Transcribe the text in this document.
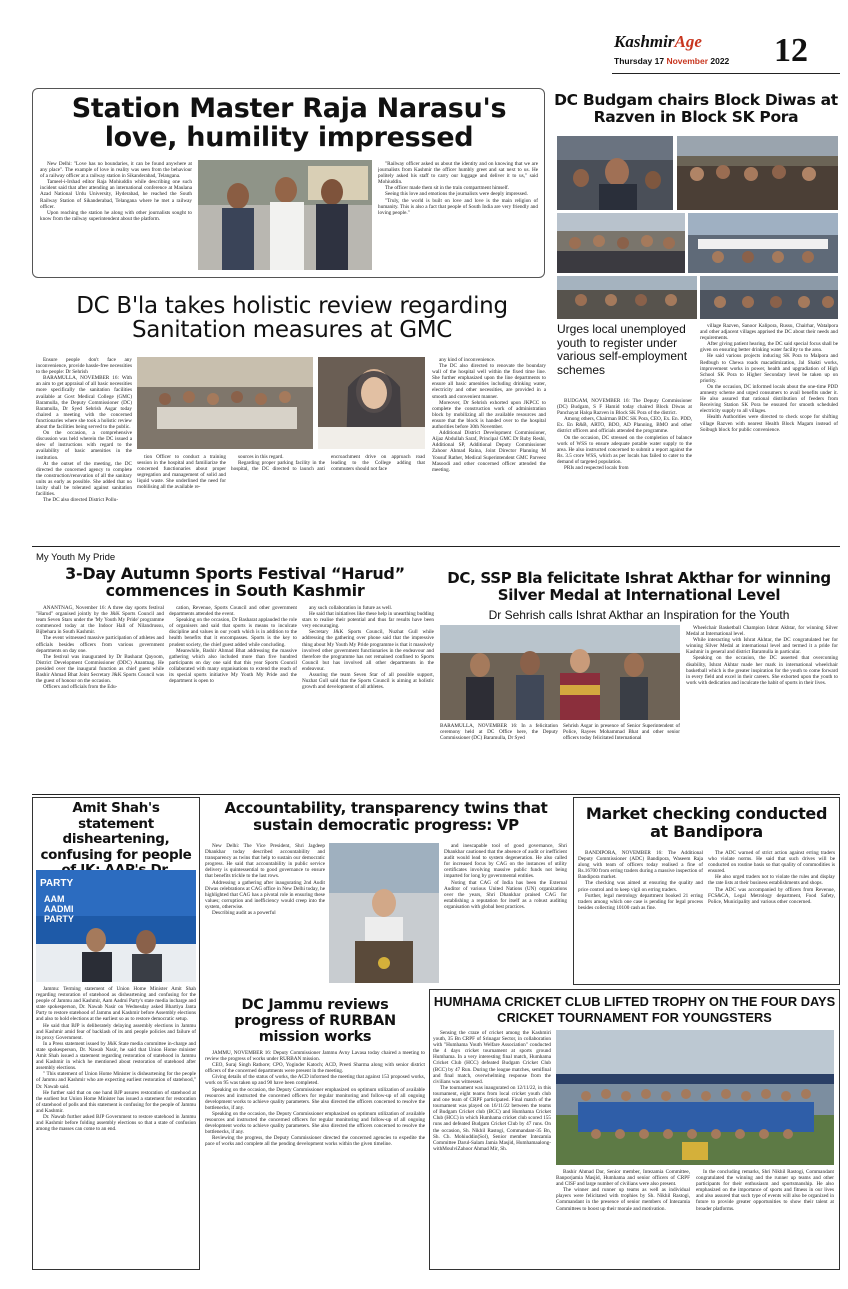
KashmirAge
Thursday 17 November 2022 12
Station Master Raja Narasu's love, humility impressed

New Delhi: "Love has no boundaries, it can be found anywhere at any place". The example of love in reality was seen from the behaviour of a railway officer at a railway station in Sikanderabad, Telangana.

Tameel-i-Irshad editor Raja Mohiuddin while describing one such incident said that after attending an international conference at Maulana Azad National Urdu University, Hyderabad, he reached the South Railway Station of Sikanderabad, Telangana where he met a railway officer.

Upon reaching the station he along with other journalists sought to know from the railway superintendent about the platform.

"Railway officer asked us about the identity and on knowing that we are journalists from Kashmir the officer humbly greet and sat next to us. He politely asked his staff to carry our luggage and deliver it to us," said Mohiuddin.

The officer made them sit in the train compartment himself.

Seeing this love and emotions the journalists were deeply impressed.

"Truly, the world is built on love and love is the main religion of humanity. This is also a fact that people of South India are very friendly and loving people."

DC Budgam chairs Block Diwas at Razven in Block SK Pora
Urges local unemployed youth to register under various self-employment schemes

BUDGAM, NOVEMBER 16: The Deputy Commissioner (DC) Budgam, S F Hamid today chaired Block Diwas at Panchayat Halqa Razven in Block SK Pora of the district.

Among others, Chairman BDC SK Pora, CEO, Ex. En. PDD, Ex. En R&B, ARTO, BDO, AD Planning, BMO and other district officers and officials attended the programme.

On the occasion, DC stressed on the completion of balance work of WSS to ensure adequate potable water supply to the area. He also instructed concerned to submit a report against the Rs. 3.5 crore WSS, which as per locals has failed to cater to the demand of targeted population.

PRIs and respected locals from

village Razven, Sanoor Kalipora, Russu, Chairhar, Watalpora and other adjacent villages apprised the DC about their needs and requirements.

After giving patient hearing, the DC said special focus shall be given on ensuring better drinking water facility to the area.

He said various projects inducing SK Pora to Malpora and Redbugh to Chewa roads macadimization, Jal Shakti works, improvement works in power, health and upgradiation of High School SK Pora to Higher Secondary level be taken up on priority.

On the occasion, DC informed locals about the one-time PDD amnesty scheme and urged consumers to avail benefits under it. He also assured that rational distribution of feeders from Receiving Station SK Pora be ensured for smooth scheduled electricity supply to all villages.

Health Authorities were directed to check scope for shifting village Razven with nearest Health Block Magam instead of Soibugh block for public convenience.

DC B'la takes holistic review regarding Sanitation measures at GMC

Ensure people don't face any inconvenience, provide hassle-free necessities to the people: Dr Sehrish

BARAMULLA, NOVEMBER 16: With an aim to get appraisal of all basic necessities more specifically the sanitation facilities available at Govt Medical College (GMC) Baramulla, the Deputy Commissioner (DC) Baramulla, Dr Syed Sehrish Asgar today chaired a meeting with the concerned functionaries where she took a holistic review about the facilities being served to the public.

On the occasion, a comprehensive discussion was held wherein the DC issued a slew of instructions with regard to the availability of basic amenities in the institution.

At the outset of the meeting, the DC directed the concerned agency to complete the construction/renovation of all the sanitary units as early as possible. She added that no laxity shall be tolerated against sanitation facilities.

The DC also directed District Pollu-

tion Officer to conduct a training session in the hospital and familiarize the concerned functionaries about proper segregation and management of solid and liquid waste. She underlined the need for mobilising all the available re-

sources in this regard.

Regarding proper parking facility in the hospital, the DC directed to launch anti encroachment drive on approach road leading to the College adding that commuters should not face

any kind of inconvenience.

The DC also directed to renovate the boundary wall of the hospital well within the fixed time line. She further emphasized upon the line departments to ensure all basic amenities including drinking water, electricity and other necessities, are provided in a smooth and convenient manner.

Moreover, Dr Sehrish exhorted upon JKPCC to complete the construction work of administration block by mobilizing all the available resources and ensure that the block is handed over to the hospital authorities before 30th November.

Additional District Development Commissioner, Aijaz Abdullah Saraf, Principal GMC Dr Ruby Reshi, Additional SP, Additional Deputy Commissioner Zahoor Ahmad Raina, Joint Director Planning M Yousuf Rather, Medical Superintendent GMC Parveez Masoodi and other concerned officer attended the meeting.

My Youth My Pride
3-Day Autumn Sports Festival “Harud” commences in South Kashmir

ANANTNAG, November 16: A three day sports festival "Harud" organised jointly by the J&K Sports Council and team Seven Stars under the 'My Youth My Pride' programme commenced today at the Indoor Hall of Nilandrussu, Bijbehara in South Kashmir.

The event witnessed massive participation of athletes and officials besides officers from various government departments on day one.

The festival was inaugurated by Dr Basharat Qayoom, District Development Commissioner (DDC) Anantnag. He presided over the inaugural function as chief guest while Bashir Ahmad Bhat Joint Secretary J&K Sports Council was the guest of honour on the occasion.

Officers and officials from the Edu-

cation, Revenue, Sports Council and other government departments attended the event.

Speaking on the occasion, Dr Basharat applauded the role of organisers and said that sports is means to inculcate discipline and values in our youth which is in addition to the health benefits that it encompasses. Sports is the key to prudent society, the chief guest added while concluding.

Meanwhile, Bashir Ahmad Bhat addressing the massive gathering which also included more than five hundred participants on day one said that this year Sports Council collaborated with many organisations to extend the reach of its special sports initiative My Youth My Pride and the department is open to

any such collaboration in future as well.

He said that initiatives like these help in unearthing budding stars to realise their potential and thus far results have been very encouraging.

Secretary J&K Sports Council, Nuzhat Gull while addressing the gathering over phone said that the impressive thing about My Youth My Pride programme is that it massively involved other government functionaries in the endeavour and therefore the programme has not remained confined to Sports Council but has involved all other departments in the endeavour.

Assuring the team Seven Star of all possible support, Nuzhat Gull said that the Sports Council is aiming at holistic growth and development of all athletes.

DC, SSP Bla felicitate Ishrat Akthar for winning Silver Medal at International Level
Dr Sehrish calls Ishrat Akthar an Inspiration for the Youth
BARAMULLA, NOVEMBER 16: In a felicitation ceremony held at DC Office here, the Deputy Commissioner (DC) Baramulla, Dr Syed
Sehrish Asgar in presence of Senior Superintendent of Police, Rayees Mohammad Bhat and other senior officers today felicitated International

Wheelchair Basketball Champion Ishrat Akhtar, for winning Silver Medal at International level.

While interacting with Ishrat Akhtar, the DC congratulated her for winning Silver Medal at international level and termed it a pride for Kashmir in general and district Baramulla in particular.

Speaking on the occasion, the DC asserted that overcoming disability, Ishrat Akhtar made her mark in international wheelchair basketball which is the greater inspiration for the youth to come forward in every field and excel in their careers. She exhorted upon the youth to work with dedication and inculcate the habit of sports in their lives.

Amit Shah's statement disheartening, confusing for people
PARTY
AAM
AADMI
PARTY

Jammu: Terming statement of Union Home Minister Amit Shah regarding restoration of statehood as disheartening and confusing for the people of Jammu and Kashmir, Aam Aadmi Party's state media incharge and state spokesperson, Dr. Nawab Nasir on Wednesday asked Bhartiya Janta Party to restore statehood of Jammu and Kashmir before Assembly elections and also to hold elections at the earliest so as to restore democratic setup.

He said that BJP is deliberately delaying assembly elections in Jammu and Kashmir amid fear of backlash of its anti people policies and failure of its proxy Government.

In a Press statement issued by J&K State media committee in-charge and state spokesperson, Dr. Nawab Nasir, he said that Union Home minister Amit Shah issued a statement regarding restoration of statehood in Jammu and Kashmir in which he mentioned about restoration of statehood after assembly elections.

" This statement of Union Home Minister is disheartening for the people of Jammu and Kashmir who are expecting earliest restoration of statehood," Dr. Nawab said.

He further said that on one hand BJP assures restoration of statehood at the earliest but Union Home Minister has issued a statement for restoration of statehood of polls and this statement is confusing for the people of Jammu and Kashmir.

Dr. Nawab further asked BJP Government to restore statehood in Jammu and Kashmir before folding assembly elections so that a state of confusion among the masses can come to an end.

Accountability, transparency twins that sustain democratic progress: VP

New Delhi: The Vice President, Shri Jagdeep Dhankhar today described accountability and transparency as twins that help to sustain our democratic progress. He said that accountability in public service delivery is quintessential to good governance to ensure that benefits trickle to the last rows.

Addressing a gathering after inaugurating 2nd Audit Diwas celebrations at CAG office in New Delhi today, he highlighted that CAG has a pivotal role in ensuring these values; corruption and inefficiency would creep into the system, otherwise.

Describing audit as a powerful

and inescapable tool of good governance, Shri Dhankhar cautioned that the absence of audit or inefficient audit would lead to system degeneration. He also called for increased focus by CAG on the instances of utility certificates involving massive public funds not being imparted for long by governmental entities.

Noting that CAG of India has been the External Auditor of various United Nations (UN) organizations over the years, Shri Dhankhar praised CAG for establishing a reputation for itself as a robust auditing organisation with global best practices.

Market checking conducted at Bandipora

BANDIPORA, NOVEMBER 16: The Additional Deputy Commissioner (ADC) Bandipora, Waseem Raja along with team of officers today realised a fine of Rs.16700 from erring traders during a massive inspection of Bandipora market.

The checking was aimed at ensuring the quality and price control and to keep vigil on erring traders.

Further, legal metrology department booked 21 erring traders among which one case is pending for legal process besides collecting 10100 cash as fine.

The ADC warned of strict action against erring traders who violate norms. He said that such drives will be conducted on routine basis so that quality of commodities is ensured.

He also urged traders not to violate the rules and display the rate lists at their business establishments and shops.

The ADC was accompanied by officers from Revenue, FCS&CA, Legal Metrology department, Food Safety, Police, Municipality and various other concerned.

DC Jammu reviews progress of RURBAN mission works

JAMMU, NOVEMBER 16: Deputy Commissioner Jammu Avny Lavasa today chaired a meeting to review the progress of works under RURBAN mission.

CEO, Suraj Singh Rathore; CPO, Yoginder Katoch; ACD, Preeti Sharma along with senior district officers of the concerned departments were present in the meeting.

Giving details of the status of works, the ACD informed the meeting that against 153 proposed works, work on 95 was taken up and 90 have been completed.

Speaking on the occasion, the Deputy Commissioner emphasized on optimum utilization of available resources and instructed the concerned officers for regular monitoring and follow-up of all ongoing development works to achieve quality parameters. She also directed the officers concerned to resolve the bottlenecks, if any.

Speaking on the occasion, the Deputy Commissioner emphasized on optimum utilization of available resources and instructed the concerned officers for regular monitoring and follow-up of all ongoing development works to achieve quality parameters. She also directed the officers concerned to resolve the bottlenecks, if any.

Reviewing the progress, the Deputy Commissioner directed the concerned agencies to expedite the pace of works and complete all the pending development works within the given timeline.

HUMHAMA CRICKET CLUB LIFTED TROPHY ON THE FOUR DAYS CRICKET TOURNAMENT FOR YOUNGSTERS

Sensing the craze of cricket among the Kashmiri youth, 35 Bn CRPF of Srinagar Sector, in collaboration with "Humhama Youth Welfare Association" conducted the 4 days cricket tournament at sports ground Humhama. In a very interesting final match, Humhama Cricket Club (HCC) defeated Budgam Cricket Club (BCC) by 47 Run. During the league matches, semifinal and final match, overwhelming response from the civilians was witnessed.

The tournament was inaugurated on 12/11/22, in this tournament, eight teams from local cricket youth club and one team of CRPF participated. Final match of the tournament was played on 16/11/22 between the teams of Budgam Cricket club (BCC) and Humhama Cricket Club (HCC) in which Humhama cricket club scored 155 runs and defeated Budgam Cricket Club by 47 runs. On the occasion, Sh. Nikhil Rastogi, Commandant-35 Bn, Sh. Ch. Mohiuddin(Sol), Senior member Intezamia Committee Darul-Salam Jamia Masjid, Humhamaalong-withMoulviZahoor Ahmad Mir, Sh.

Bashir Ahmad Dar, Senior member, Intezamia Committee, Banporjamia Masjid, Humhama and senior officers of CRPF and CISF and large number of civilians were also present.

The winner and runner up teams as well as individual players were felicitated with trophies by Sh. Nikhil Rastogi, Commandant in the presence of senior members of Intezamia Committees to boost up their morale and motivation.

In the concluding remarks, Shri Nikhil Rastogi, Commandant congratulated the winning and the runner up teams and other participants for their enthusiasm and sportsmanship. He also emphasized on the importance of sports and fitness in our lives and also assured that such type of events will also be organized in future to provide greater opportunities to show their talent at broader platforms.
